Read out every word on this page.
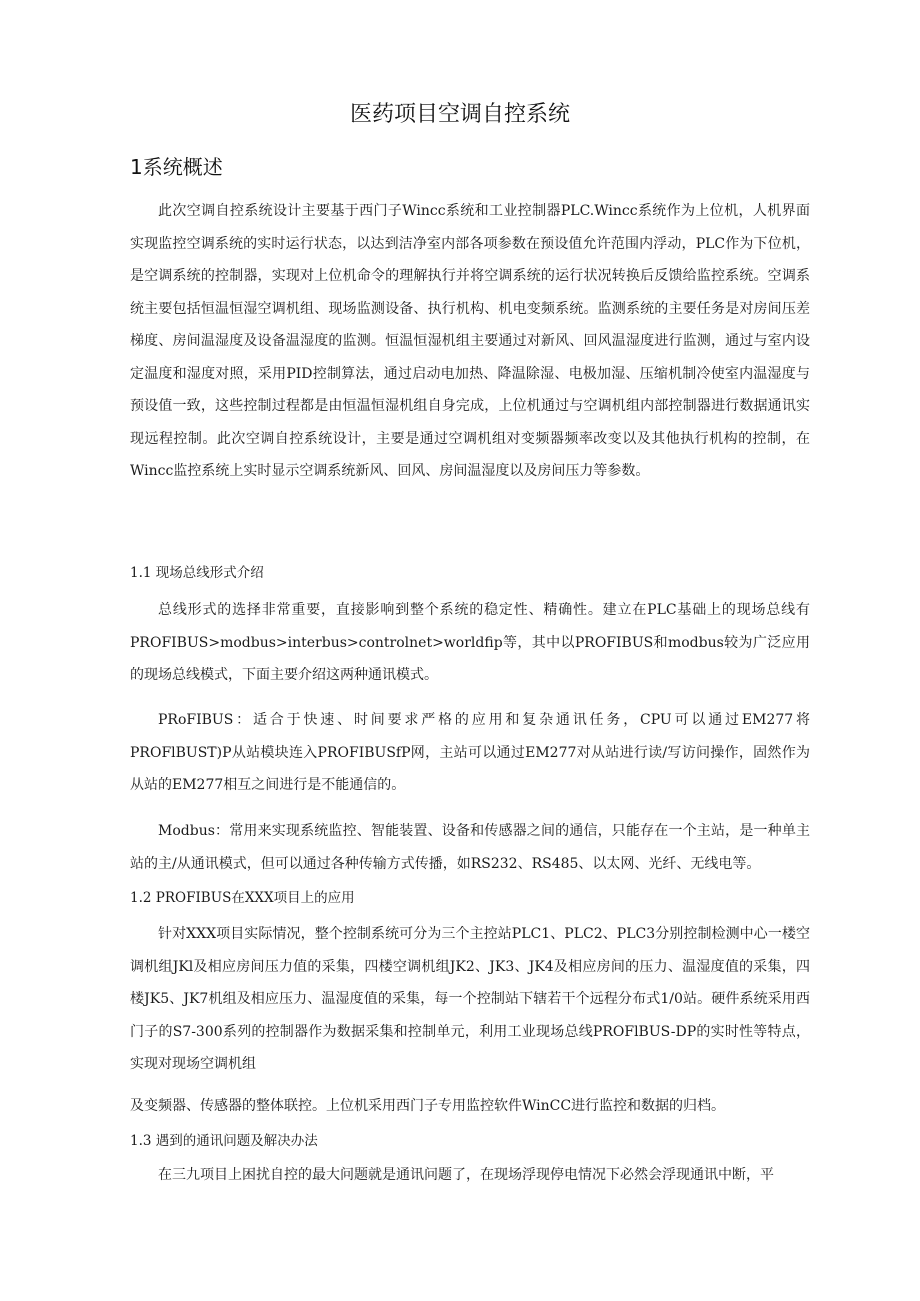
医药项目空调自控系统
1系统概述

此次空调自控系统设计主要基于西门子Wincc系统和工业控制器PLC.Wincc系统作为上位机，人机界面实现监控空调系统的实时运行状态，以达到洁净室内部各项参数在预设值允许范围内浮动，PLC作为下位机，是空调系统的控制器，实现对上位机命令的理解执行并将空调系统的运行状况转换后反馈给监控系统。空调系统主要包括恒温恒湿空调机组、现场监测设备、执行机构、机电变频系统。监测系统的主要任务是对房间压差梯度、房间温湿度及设备温湿度的监测。恒温恒湿机组主要通过对新风、回风温湿度进行监测，通过与室内设定温度和湿度对照，采用PID控制算法，通过启动电加热、降温除湿、电极加湿、压缩机制冷使室内温湿度与预设值一致，这些控制过程都是由恒温恒湿机组自身完成，上位机通过与空调机组内部控制器进行数据通讯实现远程控制。此次空调自控系统设计，主要是通过空调机组对变频器频率改变以及其他执行机构的控制，在Wincc监控系统上实时显示空调系统新风、回风、房间温湿度以及房间压力等参数。

1.1 现场总线形式介绍

总线形式的选择非常重要，直接影响到整个系统的稳定性、精确性。建立在PLC基础上的现场总线有PROFIBUS>modbus>interbus>controlnet>worldfip等，其中以PROFIBUS和modbus较为广泛应用的现场总线模式，下面主要介绍这两种通讯模式。

PRoFIBUS：适合于快速、时间要求严格的应用和复杂通讯任务，CPU可以通过EM277将PROFlBUST)P从站模块连入PROFIBUSfP网，主站可以通过EM277对从站进行读/写访问操作，固然作为从站的EM277相互之间进行是不能通信的。

Modbus：常用来实现系统监控、智能装置、设备和传感器之间的通信，只能存在一个主站，是一种单主站的主/从通讯模式，但可以通过各种传输方式传播，如RS232、RS485、以太网、光纤、无线电等。

1.2 PROFIBUS在XXX项目上的应用

针对XXX项目实际情况，整个控制系统可分为三个主控站PLC1、PLC2、PLC3分别控制检测中心一楼空调机组JKl及相应房间压力值的采集，四楼空调机组JK2、JK3、JK4及相应房间的压力、温湿度值的采集，四楼JK5、JK7机组及相应压力、温湿度值的采集，每一个控制站下辖若干个远程分布式1/0站。硬件系统采用西门子的S7-300系列的控制器作为数据采集和控制单元，利用工业现场总线PROFlBUS-DP的实时性等特点，实现对现场空调机组

及变频器、传感器的整体联控。上位机采用西门子专用监控软件WinCC进行监控和数据的归档。

1.3 遇到的通讯问题及解决办法

在三九项目上困扰自控的最大问题就是通讯问题了，在现场浮现停电情况下必然会浮现通讯中断，平
